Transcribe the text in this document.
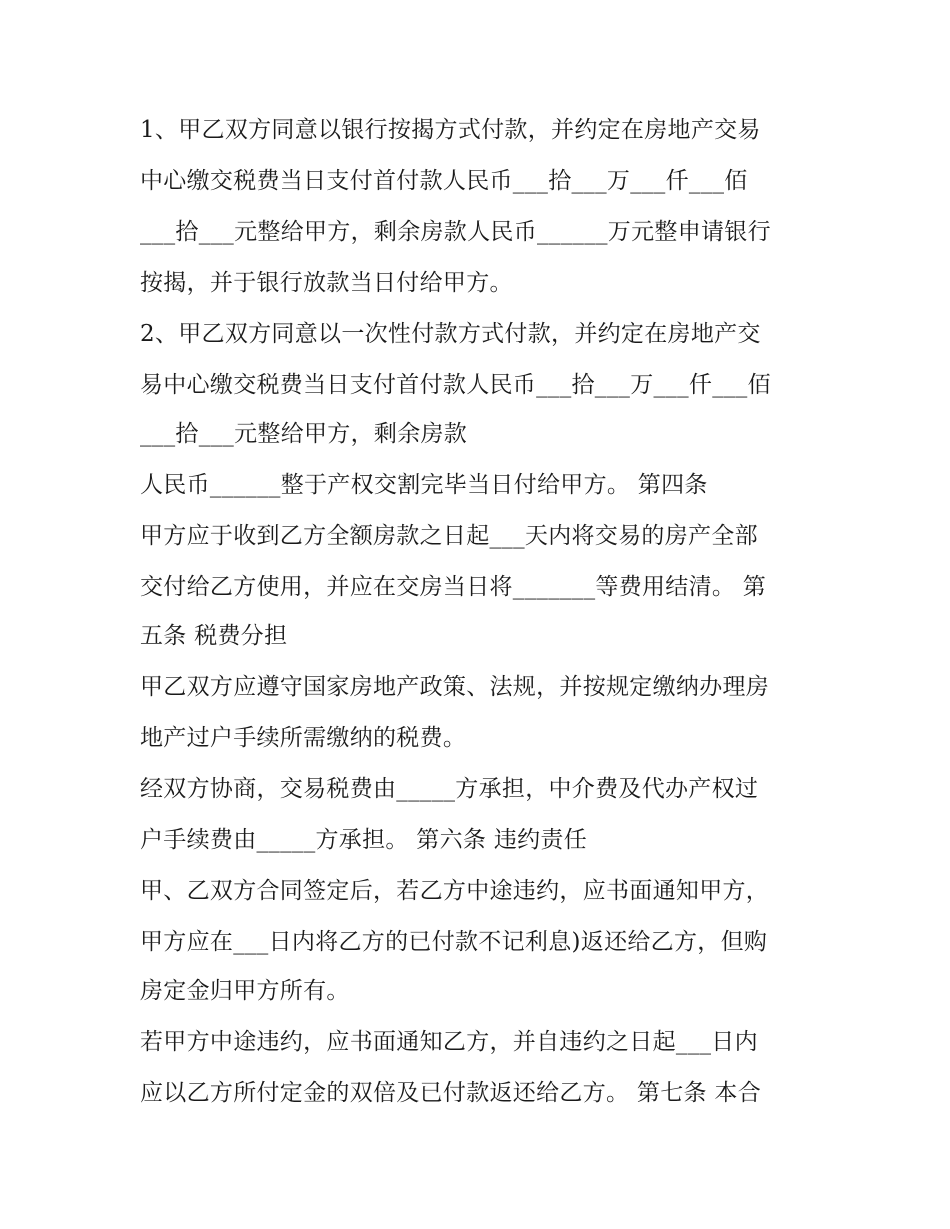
1、甲乙双方同意以银行按揭方式付款，并约定在房地产交易
中心缴交税费当日支付首付款人民币___拾___万___仟___佰
___拾___元整给甲方，剩余房款人民币______万元整申请银行
按揭，并于银行放款当日付给甲方。
2、甲乙双方同意以一次性付款方式付款，并约定在房地产交
易中心缴交税费当日支付首付款人民币___拾___万___仟___佰
___拾___元整给甲方，剩余房款
人民币______整于产权交割完毕当日付给甲方。 第四条
甲方应于收到乙方全额房款之日起___天内将交易的房产全部
交付给乙方使用，并应在交房当日将_______等费用结清。 第
五条 税费分担
甲乙双方应遵守国家房地产政策、法规，并按规定缴纳办理房
地产过户手续所需缴纳的税费。
经双方协商，交易税费由_____方承担，中介费及代办产权过
户手续费由_____方承担。 第六条 违约责任
甲、乙双方合同签定后，若乙方中途违约，应书面通知甲方，
甲方应在___日内将乙方的已付款不记利息)返还给乙方，但购
房定金归甲方所有。
若甲方中途违约，应书面通知乙方，并自违约之日起___日内
应以乙方所付定金的双倍及已付款返还给乙方。 第七条 本合
